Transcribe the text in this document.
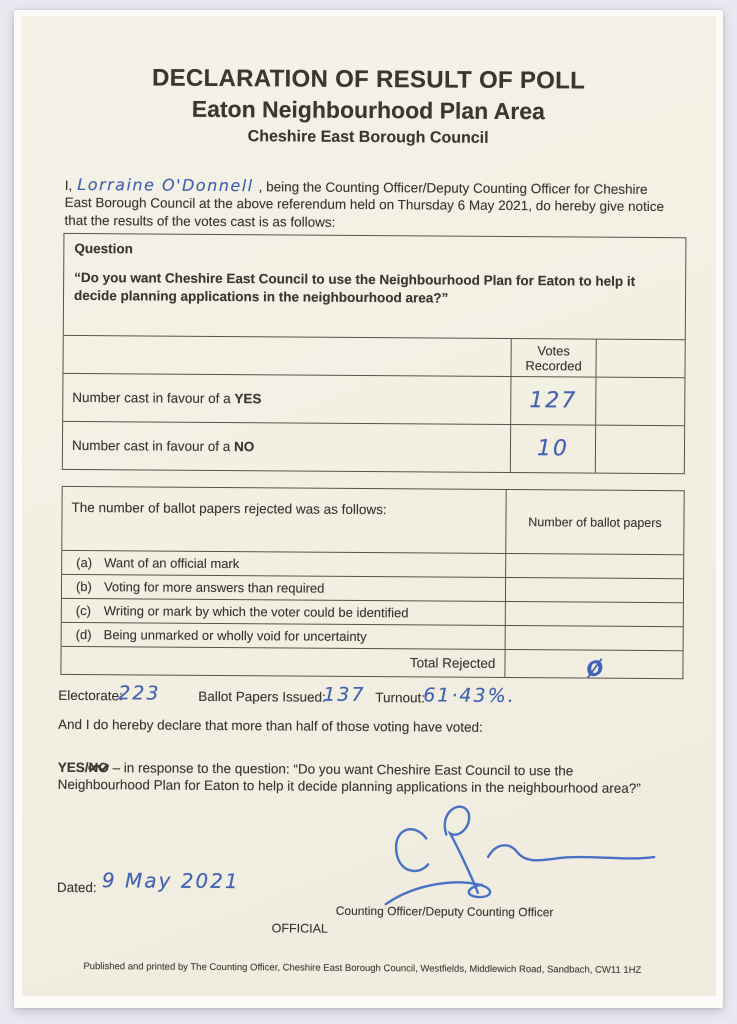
DECLARATION OF RESULT OF POLL
Eaton Neighbourhood Plan Area
Cheshire East Borough Council

I, Lorraine O'Donnell , being the Counting Officer/Deputy Counting Officer for Cheshire East Borough Council at the above referendum held on Thursday 6 May 2021, do hereby give notice that the results of the votes cast is as follows:

Question
“Do you want Cheshire East Council to use the Neighbourhood Plan for Eaton to help it decide planning applications in the neighbourhood area?”
Votes Recorded
Number cast in favour of a YES	127
Number cast in favour of a NO	10
The number of ballot papers rejected was as follows:
Number of ballot papers
(a) Want of an official mark
(b) Voting for more answers than required
(c) Writing or mark by which the voter could be identified
(d) Being unmarked or wholly void for uncertainty
Total Rejected	Ø
Electorate:
223	Ballot Papers Issued:
137 Turnout:
61·43%.
And I do hereby declare that more than half of those voting have voted:

YES/NO – in response to the question: “Do you want Cheshire East Council to use the Neighbourhood Plan for Eaton to help it decide planning applications in the neighbourhood area?”

Dated: 9 May 2021
Counting Officer/Deputy Counting Officer
OFFICIAL
Published and printed by The Counting Officer, Cheshire East Borough Council, Westfields, Middlewich Road, Sandbach, CW11 1HZ
